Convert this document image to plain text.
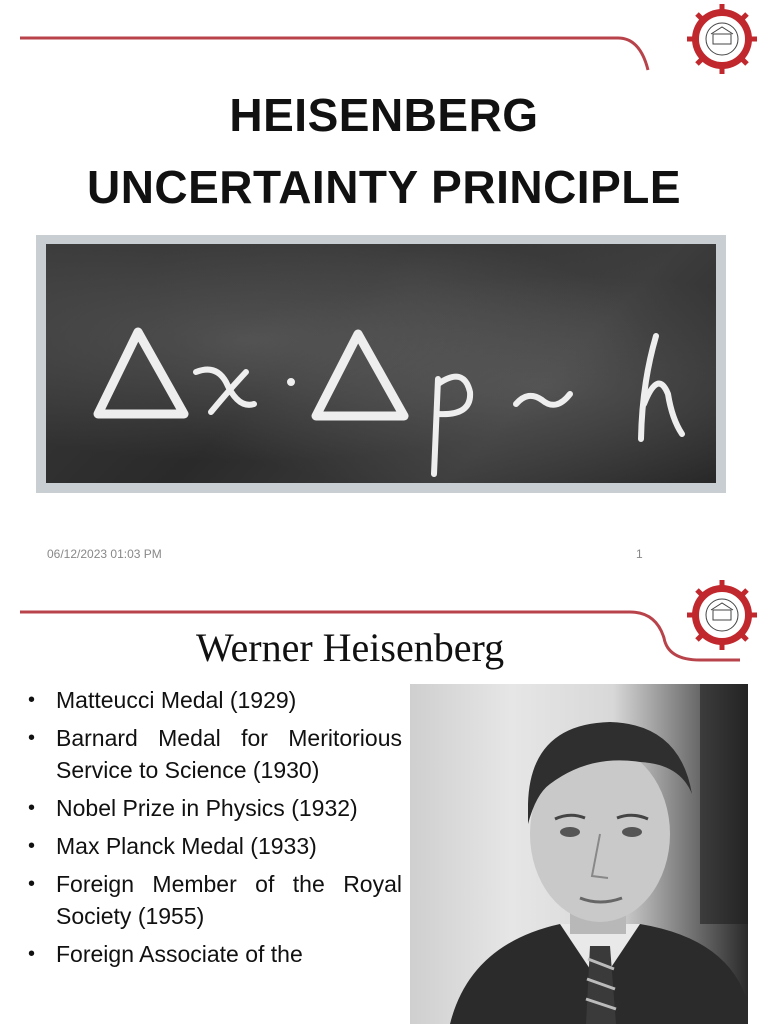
HEISENBERG
UNCERTAINTY PRINCIPLE
06/12/2023 01:03 PM	1
Werner Heisenberg
• Matteucci Medal (1929)
• Barnard Medal for Meritorious Service to Science (1930)
• Nobel Prize in Physics (1932)
• Max Planck Medal (1933)
• Foreign Member of the Royal Society (1955)
• Foreign Associate of the
